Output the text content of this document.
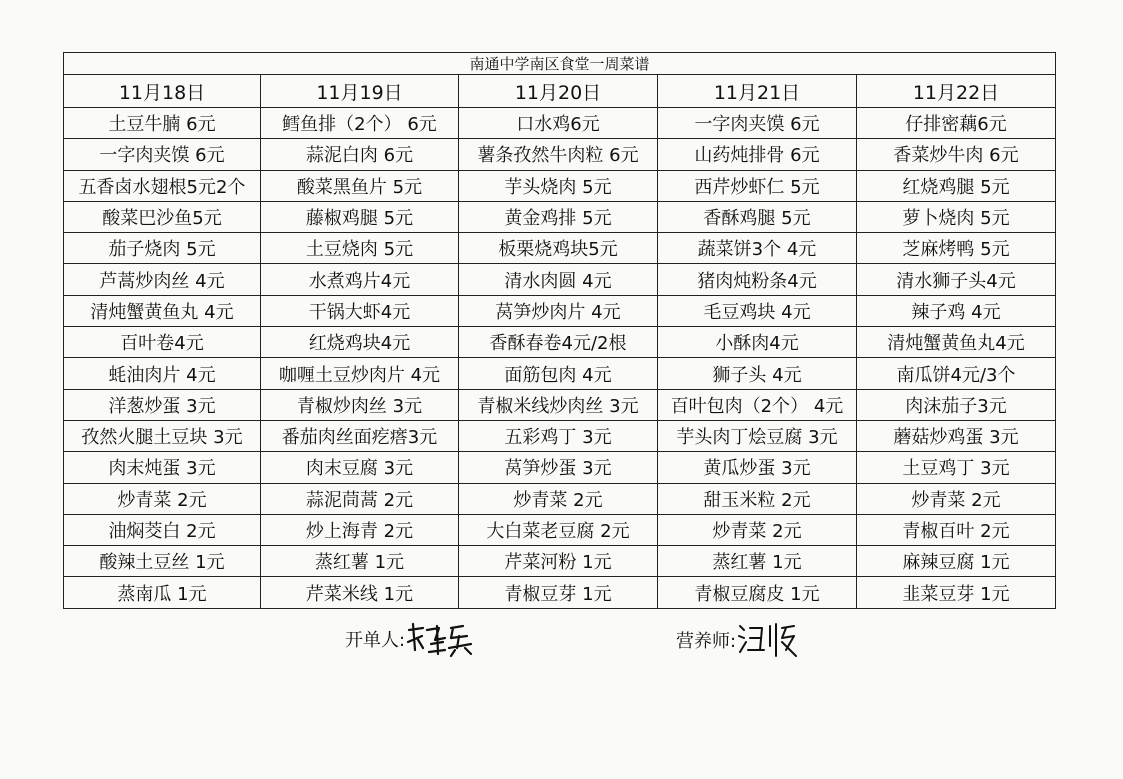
南通中学南区食堂一周菜谱				
11月18日	11月19日	11月20日	11月21日	11月22日
土豆牛腩 6元	鳕鱼排（2个） 6元	口水鸡6元	一字肉夹馍 6元	仔排密藕6元
一字肉夹馍 6元	蒜泥白肉 6元	薯条孜然牛肉粒 6元	山药炖排骨 6元	香菜炒牛肉 6元
五香卤水翅根5元2个	酸菜黑鱼片 5元	芋头烧肉 5元	西芹炒虾仁 5元	红烧鸡腿 5元
酸菜巴沙鱼5元	藤椒鸡腿 5元	黄金鸡排 5元	香酥鸡腿 5元	萝卜烧肉 5元
茄子烧肉 5元	土豆烧肉 5元	板栗烧鸡块5元	蔬菜饼3个 4元	芝麻烤鸭 5元
芦蒿炒肉丝 4元	水煮鸡片4元	清水肉圆 4元	猪肉炖粉条4元	清水狮子头4元
清炖蟹黄鱼丸 4元	干锅大虾4元	莴笋炒肉片 4元	毛豆鸡块 4元	辣子鸡 4元
百叶卷4元	红烧鸡块4元	香酥春卷4元/2根	小酥肉4元	清炖蟹黄鱼丸4元
蚝油肉片 4元	咖喱土豆炒肉片 4元	面筋包肉 4元	狮子头 4元	南瓜饼4元/3个
洋葱炒蛋 3元	青椒炒肉丝 3元	青椒米线炒肉丝 3元	百叶包肉（2个） 4元	肉沫茄子3元
孜然火腿土豆块 3元	番茄肉丝面疙瘩3元	五彩鸡丁 3元	芋头肉丁烩豆腐 3元	蘑菇炒鸡蛋 3元
肉末炖蛋 3元	肉末豆腐 3元	莴笋炒蛋 3元	黄瓜炒蛋 3元	土豆鸡丁 3元
炒青菜 2元	蒜泥茼蒿 2元	炒青菜 2元	甜玉米粒 2元	炒青菜 2元
油焖茭白 2元	炒上海青 2元	大白菜老豆腐 2元	炒青菜 2元	青椒百叶 2元
酸辣土豆丝 1元	蒸红薯 1元	芹菜河粉 1元	蒸红薯 1元	麻辣豆腐 1元
蒸南瓜 1元	芹菜米线 1元	青椒豆芽 1元	青椒豆腐皮 1元	韭菜豆芽 1元
开单人:	营养师:
